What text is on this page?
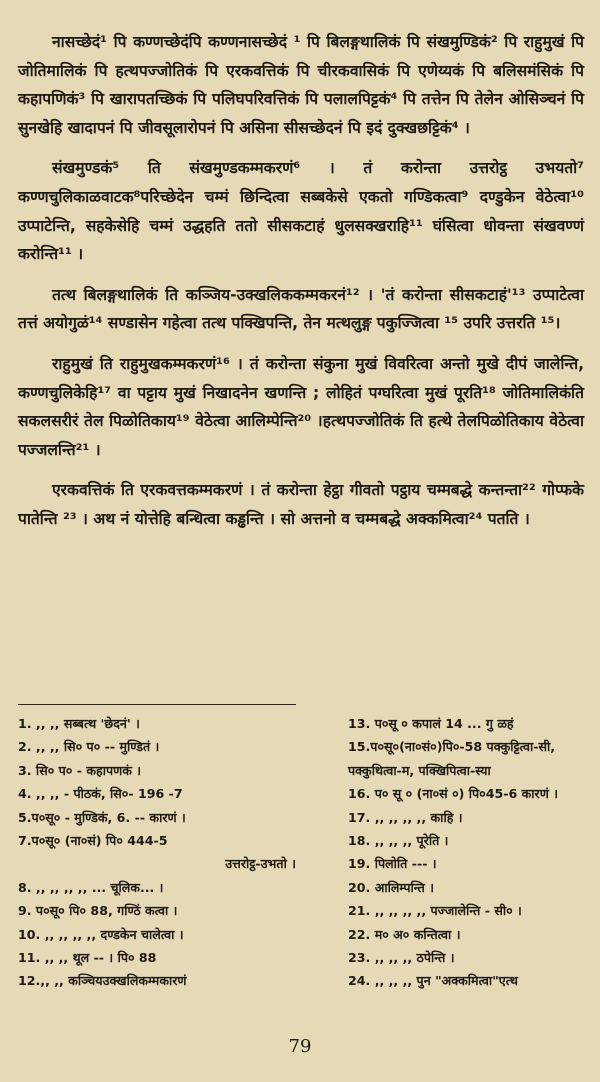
नासच्छेदं¹ पि कण्णच्छेदंपि कण्णनासच्छेदं ¹ पि बिलङ्गथालिकं पि संखमुण्डिकं² पि राहुमुखं पि जोतिमालिकं पि हत्थपज्जोतिकं पि एरकवत्तिकं पि चीरकवासिकं पि एणेय्यकं पि बलिसमंसिकं पि कहापणिकं³ पि खारापतच्छिकं पि पलिघपरिवत्तिकं पि पलालपिट्टकं⁴ पि तत्तेन पि तेलेन ओसिञ्चनं पि सुनखेहि खादापनं पि जीवसूलारोपनं पि असिना सीसच्छेदनं पि इदं दुक्खछट्टिकं⁴ ।

संखमुण्डकं⁵ ति संखमुण्डकम्मकरणं⁶ । तं करोन्ता उत्तरोट्ठ उभयतो⁷ कण्णचुलिकाळवाटक⁸परिच्छेदेन चम्मं छिन्दित्वा सब्बकेसे एकतो गण्डिकत्वा⁹ दण्डुकेन वेठेत्वा¹⁰ उप्पाटेन्ति, सहकेसेहि चम्मं उद्धहति ततो सीसकटाहं धुलसक्खराहि¹¹ घंसित्वा धोवन्ता संखवण्णं करोन्ति¹¹ ।

तत्थ बिलङ्गथालिकं ति कञ्जिय-उक्खलिककम्मकरनं¹² । 'तं करोन्ता सीसकटाहं'¹³ उप्पाटेत्वा तत्तं अयोगुळं¹⁴ सण्डासेन गहेत्वा तत्थ पक्खिपन्ति, तेन मत्थलुङ्ग पकुज्जित्वा ¹⁵ उपरि उत्तरति ¹⁵।

राहुमुखं ति राहुमुखकम्मकरणं¹⁶ । तं करोन्ता संकुना मुखं विवरित्वा अन्तो मुखे दीपं जालेन्ति, कण्णचुलिकेहि¹⁷ वा पट्टाय मुखं निखादनेन खणन्ति ; लोहितं पग्घरित्वा मुखं पूरति¹⁸ जोतिमालिकंति सकलसरीरं तेल पिळोतिकाय¹⁹ वेठेत्वा आलिम्पेन्ति²⁰ ।हत्थपज्जोतिकं ति हत्थे तेलपिळोतिकाय वेठेत्वा पज्जलन्ति²¹ ।

एरकवत्तिकं ति एरकवत्तकम्मकरणं । तं करोन्ता हेट्ठा गीवतो पट्ठाय चम्मबद्धे कन्तन्ता²² गोप्फके पातेन्ति ²³ । अथ नं योत्तेहि बन्धित्वा कड्ढन्ति । सो अत्तनो व चम्मबद्धे अक्कमित्वा²⁴ पतति ।

1. ,, ,, सब्बत्थ 'छेदनं' ।
2. ,, ,, सि० प० -- मुण्डितं ।
3. सि० प० - कहापणकं ।
4. ,, ,, - पीठकं, सि०- 196 -7
5.प०सू० - मुण्डिकं, 6. -- कारणं ।
7.प०सू० (ना०सं) पि० 444-5
उत्तरोट्ठ-उभतो ।
8. ,, ,, ,, ,, ... चूलिक... ।
9. प०सू० पि० 88, गण्ठिं कत्वा ।
10. ,, ,, ,, ,, दण्डकेन चालेत्वा ।
11. ,, ,, थूल -- । पि० 88
12.,, ,, कञ्चियउक्खलिकम्मकारणं
13. प०सू ० कपालं 14 ... गु ळहं
15.प०सू०(ना०सं०)पि०-58 पक्कुट्टित्वा-सी, पक्कुथित्वा-म, पक्खिपित्वा-स्या
16. प० सू ० (ना०सं ०) पि०45-6 कारणं ।
17. ,, ,, ,, ,, काहि ।
18. ,, ,, ,, पूरेति ।
19. पिलोति --- ।
20. आलिम्पन्ति ।
21. ,, ,, ,, ,, पज्जालेन्ति - सी० ।
22. म० अ० कन्तित्वा ।
23. ,, ,, ,, ठपेन्ति ।
24. ,, ,, ,, पुन "अक्कमित्वा"एत्थ
79
